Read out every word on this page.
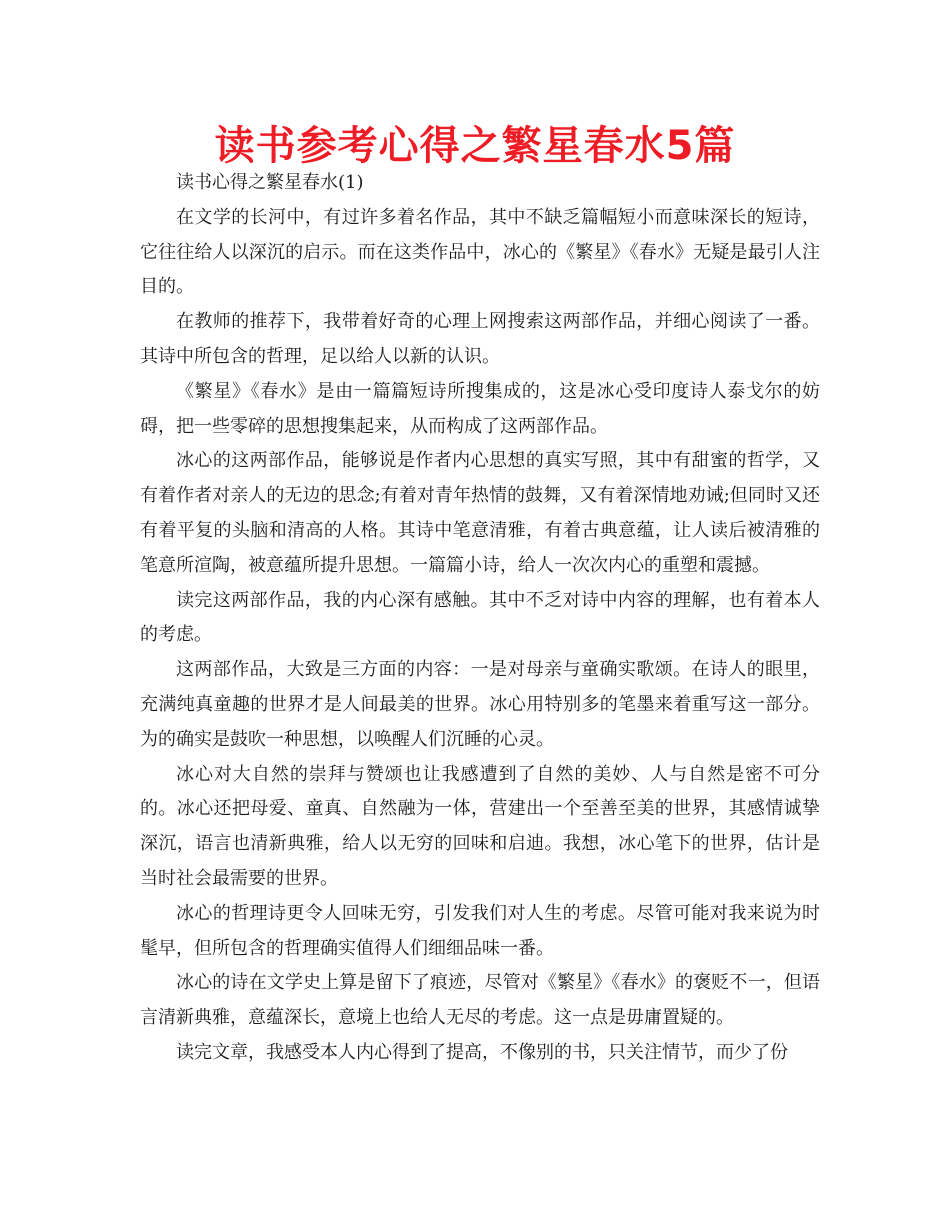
读书参考心得之繁星春水5篇

读书心得之繁星春水(1)

在文学的长河中，有过许多着名作品，其中不缺乏篇幅短小而意味深长的短诗，它往往给人以深沉的启示。而在这类作品中，冰心的《繁星》《春水》无疑是最引人注目的。

在教师的推荐下，我带着好奇的心理上网搜索这两部作品，并细心阅读了一番。其诗中所包含的哲理，足以给人以新的认识。

《繁星》《春水》是由一篇篇短诗所搜集成的，这是冰心受印度诗人泰戈尔的妨碍，把一些零碎的思想搜集起来，从而构成了这两部作品。

冰心的这两部作品，能够说是作者内心思想的真实写照，其中有甜蜜的哲学，又有着作者对亲人的无边的思念;有着对青年热情的鼓舞，又有着深情地劝诫;但同时又还有着平复的头脑和清高的人格。其诗中笔意清雅，有着古典意蕴，让人读后被清雅的笔意所渲陶，被意蕴所提升思想。一篇篇小诗，给人一次次内心的重塑和震撼。

读完这两部作品，我的内心深有感触。其中不乏对诗中内容的理解，也有着本人的考虑。

这两部作品，大致是三方面的内容：一是对母亲与童确实歌颂。在诗人的眼里，充满纯真童趣的世界才是人间最美的世界。冰心用特别多的笔墨来着重写这一部分。为的确实是鼓吹一种思想，以唤醒人们沉睡的心灵。

冰心对大自然的崇拜与赞颂也让我感遭到了自然的美妙、人与自然是密不可分的。冰心还把母爱、童真、自然融为一体，营建出一个至善至美的世界，其感情诚挚深沉，语言也清新典雅，给人以无穷的回味和启迪。我想，冰心笔下的世界，估计是当时社会最需要的世界。

冰心的哲理诗更令人回味无穷，引发我们对人生的考虑。尽管可能对我来说为时髦早，但所包含的哲理确实值得人们细细品味一番。

冰心的诗在文学史上算是留下了痕迹，尽管对《繁星》《春水》的褒贬不一，但语言清新典雅，意蕴深长，意境上也给人无尽的考虑。这一点是毋庸置疑的。

读完文章，我感受本人内心得到了提高，不像别的书，只关注情节，而少了份
